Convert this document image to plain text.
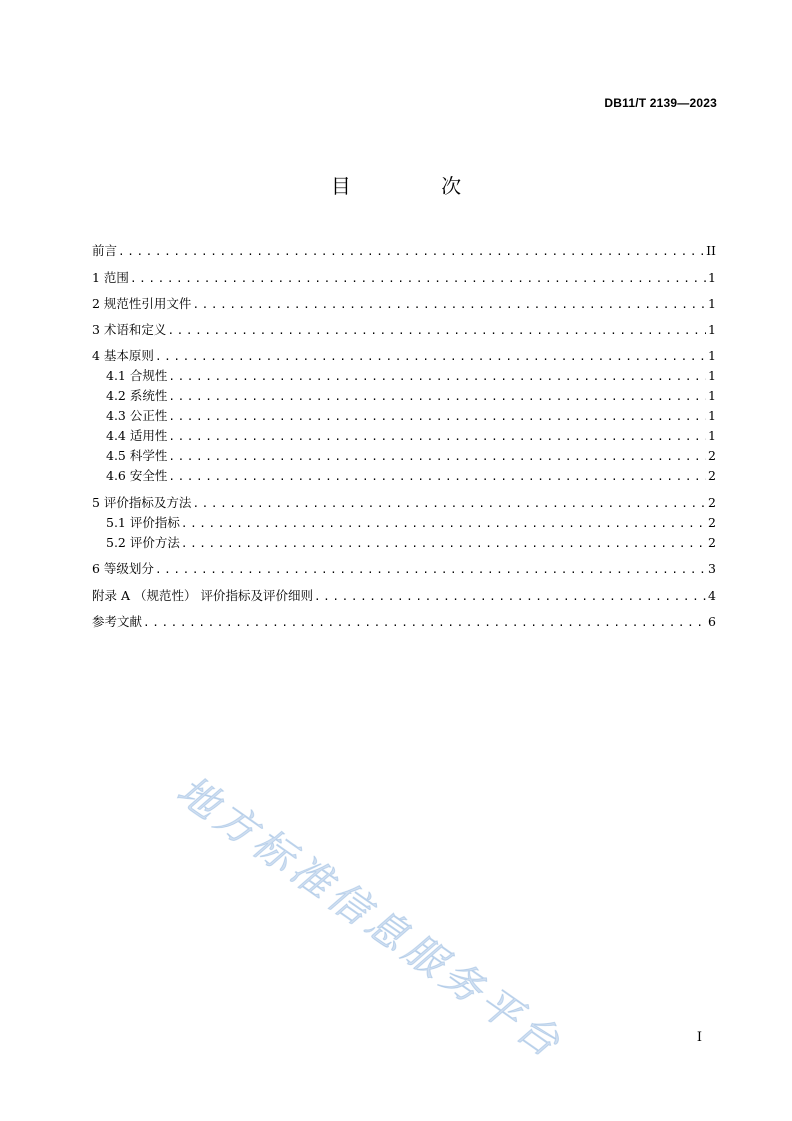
DB11/T 2139—2023
目 次
前言 .....	II
1 范围 .....	1
2 规范性引用文件 .....	1
3 术语和定义 .....	1
4 基本原则 .....	1
4.1 合规性 .....	1
4.2 系统性 .....	1
4.3 公正性 .....	1
4.4 适用性 .....	1
4.5 科学性 .....	2
4.6 安全性 .....	2
5 评价指标及方法 .....	2
5.1 评价指标 .....	2
5.2 评价方法 .....	2
6 等级划分 .....	3
附录 A （规范性） 评价指标及评价细则 .....	4
参考文献 .....	6
地方标准信息服务平台	I
